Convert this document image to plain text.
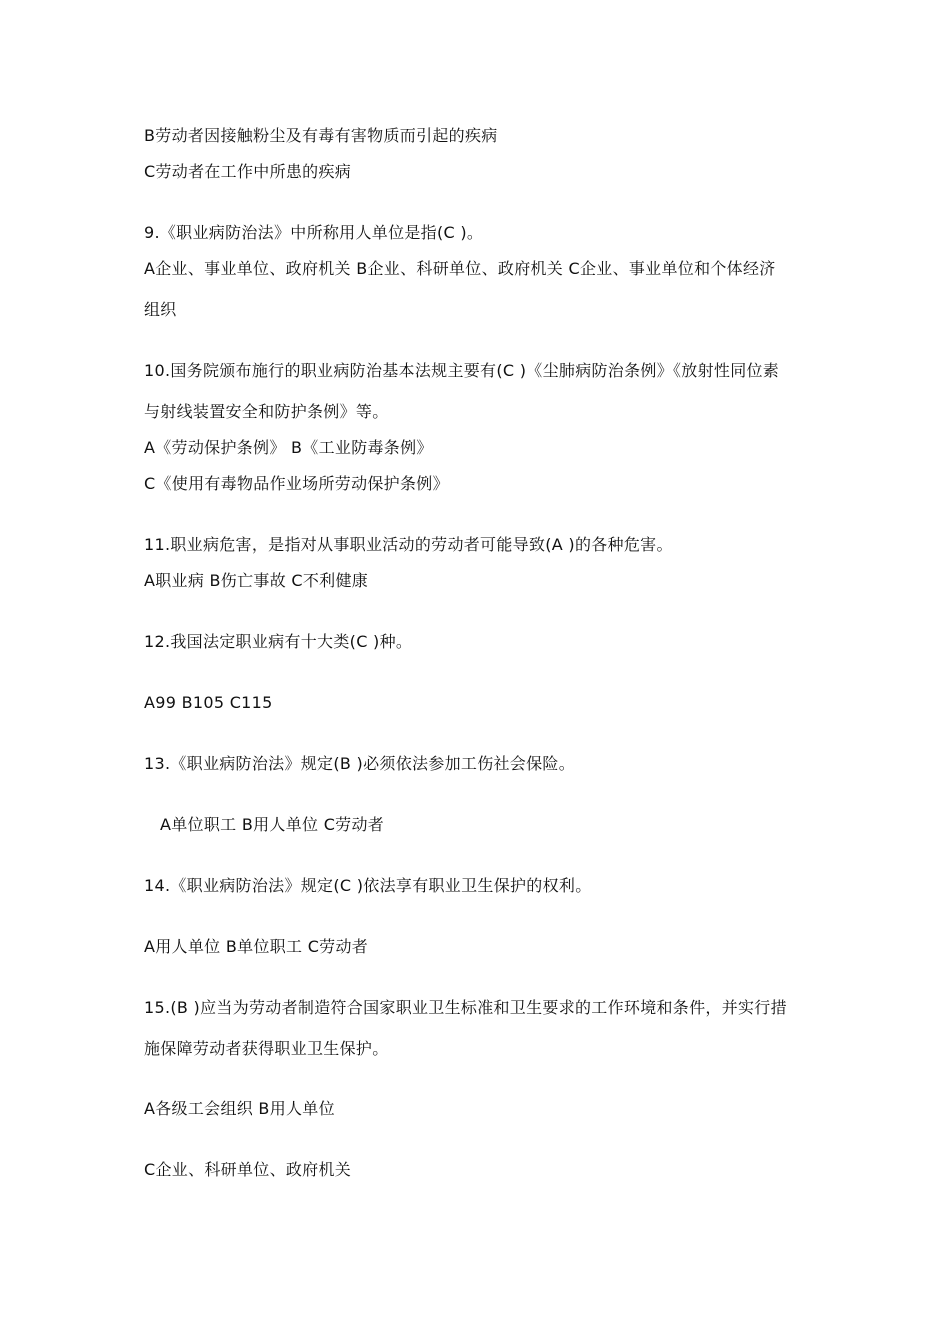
B劳动者因接触粉尘及有毒有害物质而引起的疾病
C劳动者在工作中所患的疾病
9.《职业病防治法》中所称用人单位是指(C )。
A企业、事业单位、政府机关 B企业、科研单位、政府机关 C企业、事业单位和个体经济
组织
10.国务院颁布施行的职业病防治基本法规主要有(C )《尘肺病防治条例》《放射性同位素
与射线装置安全和防护条例》等。
A《劳动保护条例》 B《工业防毒条例》
C《使用有毒物品作业场所劳动保护条例》
11.职业病危害，是指对从事职业活动的劳动者可能导致(A )的各种危害。
A职业病 B伤亡事故 C不利健康
12.我国法定职业病有十大类(C )种。
A99 B105 C115
13.《职业病防治法》规定(B )必须依法参加工伤社会保险。
A单位职工 B用人单位 C劳动者
14.《职业病防治法》规定(C )依法享有职业卫生保护的权利。
A用人单位 B单位职工 C劳动者
15.(B )应当为劳动者制造符合国家职业卫生标准和卫生要求的工作环境和条件，并实行措
施保障劳动者获得职业卫生保护。
A各级工会组织 B用人单位
C企业、科研单位、政府机关
